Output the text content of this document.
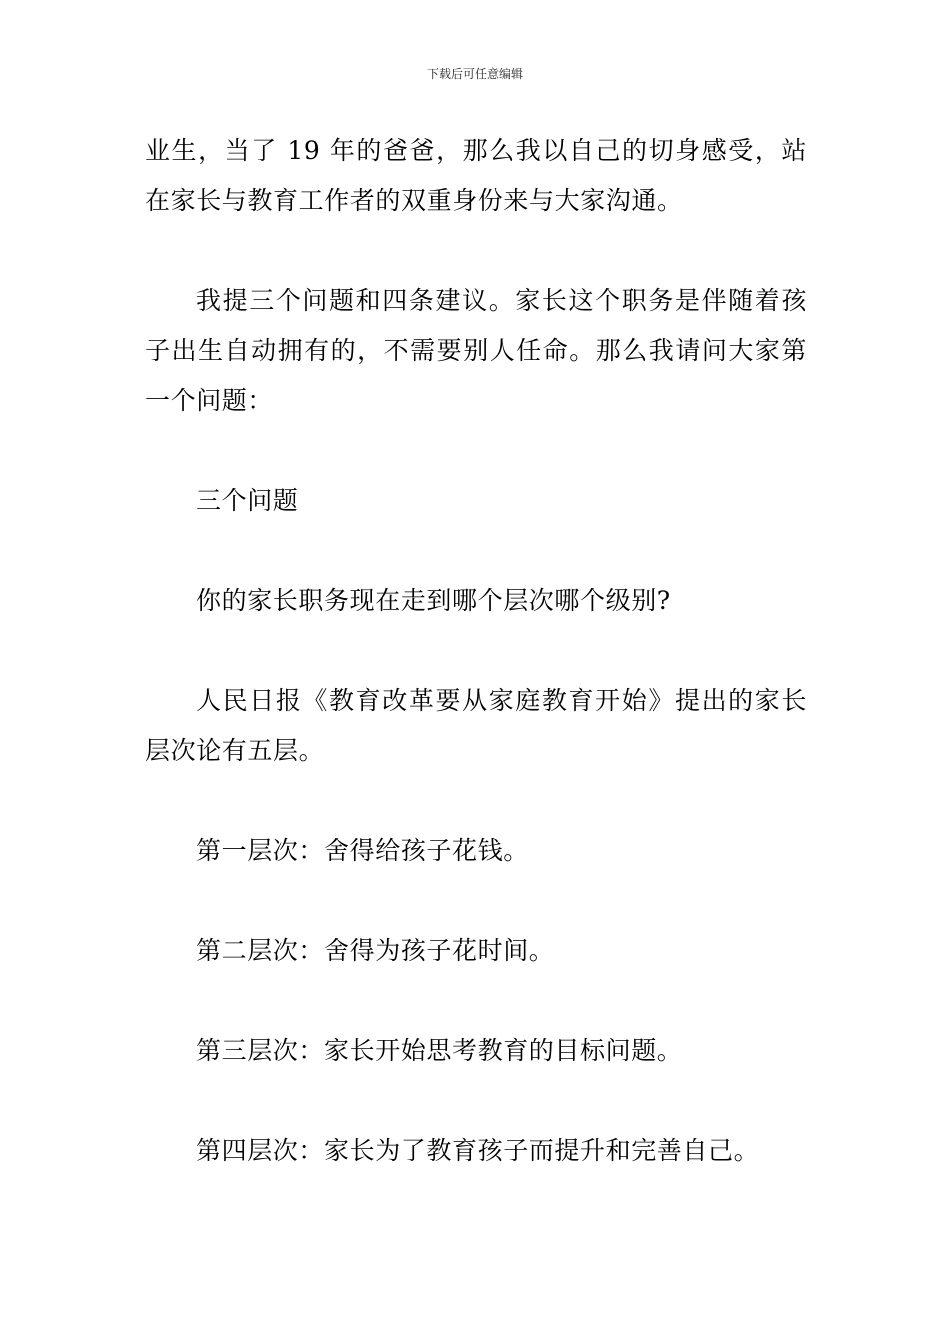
下载后可任意编辑

业生，当了 19 年的爸爸，那么我以自己的切身感受，站在家长与教育工作者的双重身份来与大家沟通。

我提三个问题和四条建议。家长这个职务是伴随着孩子出生自动拥有的，不需要别人任命。那么我请问大家第一个问题：

三个问题

你的家长职务现在走到哪个层次哪个级别?

人民日报《教育改革要从家庭教育开始》提出的家长层次论有五层。

第一层次：舍得给孩子花钱。

第二层次：舍得为孩子花时间。

第三层次：家长开始思考教育的目标问题。

第四层次：家长为了教育孩子而提升和完善自己。
